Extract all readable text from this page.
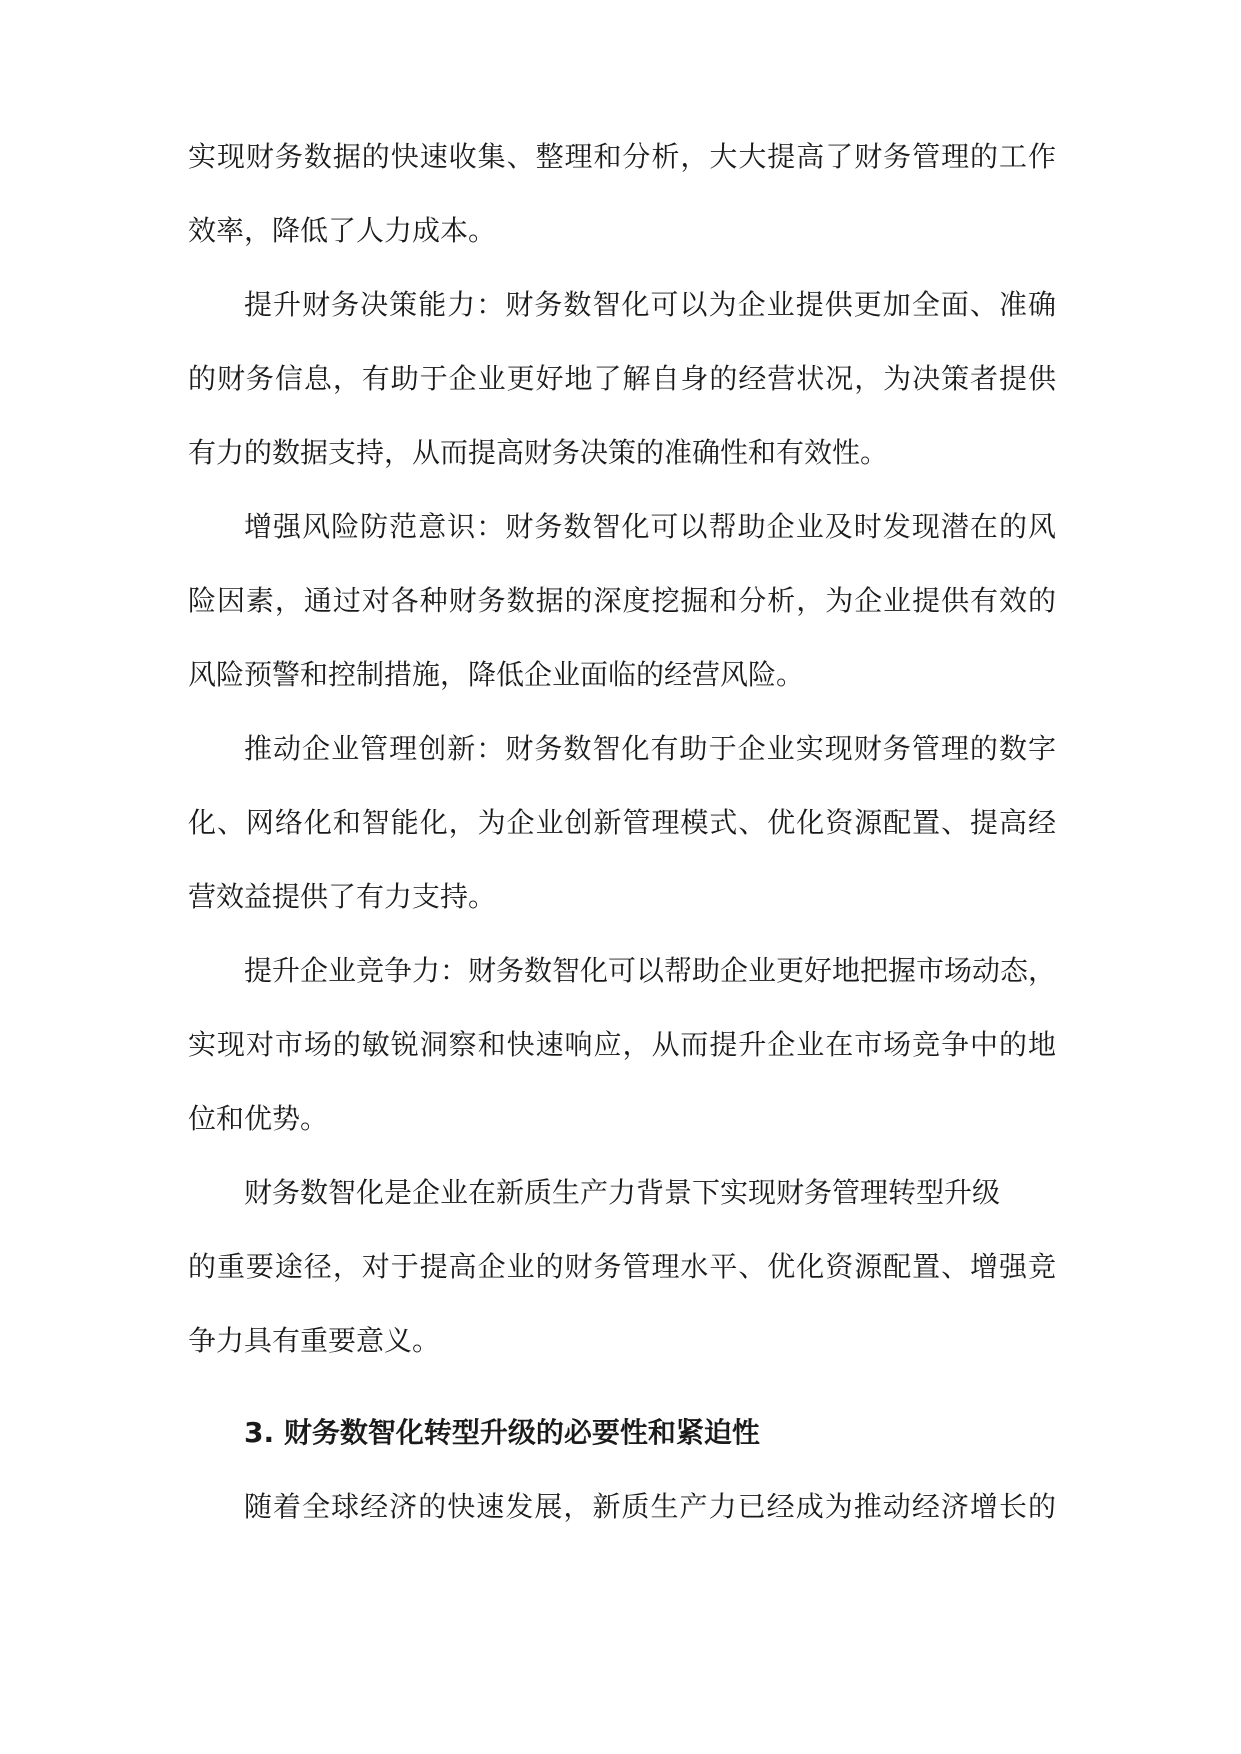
实现财务数据的快速收集、整理和分析，大大提高了财务管理的工作
效率，降低了人力成本。
提升财务决策能力：财务数智化可以为企业提供更加全面、准确
的财务信息，有助于企业更好地了解自身的经营状况，为决策者提供
有力的数据支持，从而提高财务决策的准确性和有效性。
增强风险防范意识：财务数智化可以帮助企业及时发现潜在的风
险因素，通过对各种财务数据的深度挖掘和分析，为企业提供有效的
风险预警和控制措施，降低企业面临的经营风险。
推动企业管理创新：财务数智化有助于企业实现财务管理的数字
化、网络化和智能化，为企业创新管理模式、优化资源配置、提高经
营效益提供了有力支持。
提升企业竞争力：财务数智化可以帮助企业更好地把握市场动态，
实现对市场的敏锐洞察和快速响应，从而提升企业在市场竞争中的地
位和优势。
财务数智化是企业在新质生产力背景下实现财务管理转型升级
的重要途径，对于提高企业的财务管理水平、优化资源配置、增强竞
争力具有重要意义。
3. 财务数智化转型升级的必要性和紧迫性
随着全球经济的快速发展，新质生产力已经成为推动经济增长的
